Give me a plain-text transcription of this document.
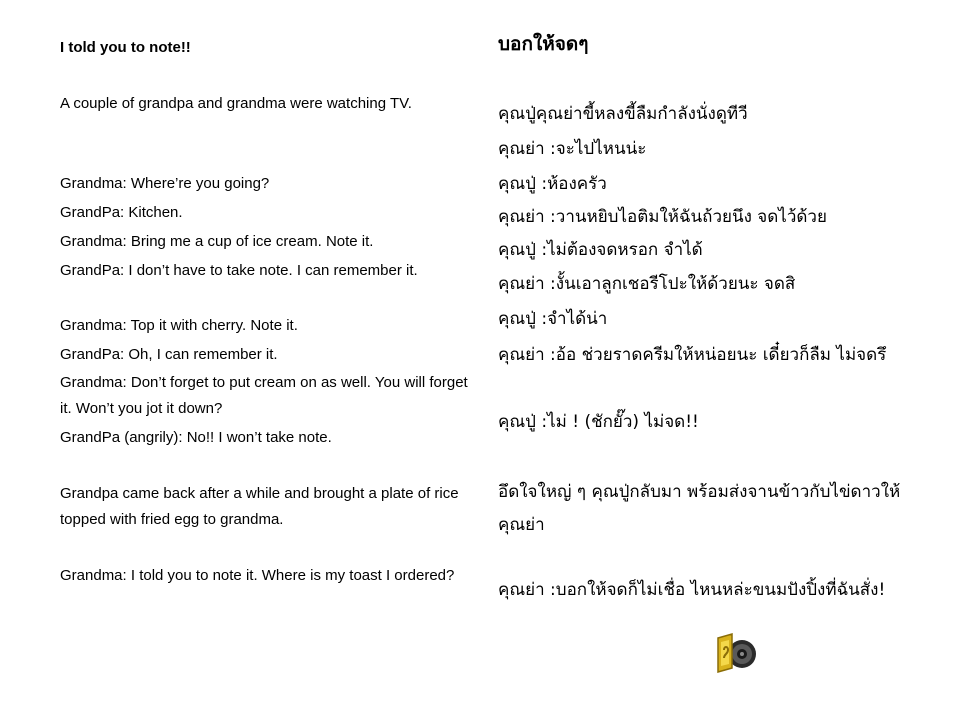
I told you to note!!
A couple of grandpa and grandma were watching TV.
Grandma: Where’re you going?
GrandPa: Kitchen.
Grandma: Bring me a cup of ice cream. Note it.
GrandPa: I don’t have to take note. I can remember it.
Grandma: Top it with cherry. Note it.
GrandPa: Oh, I can remember it.
Grandma: Don’t forget to put cream on as well. You will forget it. Won’t you jot it down?
GrandPa (angrily): No!! I won’t take note.
Grandpa came back after a while and brought a plate of rice topped with fried egg to grandma.
Grandma: I told you to note it. Where is my toast I ordered?
บอกให้จดๆ
คุณปู่คุณย่าขี้หลงขี้ลืมกำลังนั่งดูทีวี
คุณย่า :จะไปไหนน่ะ
คุณปู่ :ห้องครัว
คุณย่า :วานหยิบไอติมให้ฉันถ้วยนึง จดไว้ด้วย
คุณปู่ :ไม่ต้องจดหรอก จำได้
คุณย่า :งั้นเอาลูกเชอรีโปะให้ด้วยนะ จดสิ
คุณปู่ :จำได้น่า
คุณย่า :อ้อ ช่วยราดครีมให้หน่อยนะ เดี๋ยวก็ลืม ไม่จดรึ
คุณปู่ :ไม่ ! (ชักยั๊ว) ไม่จด!!
อึดใจใหญ่ ๆ คุณปู่กลับมา พร้อมส่งจานข้าวกับไข่ดาวให้คุณย่า
คุณย่า :บอกให้จดก็ไม่เชื่อ ไหนหล่ะขนมปังปิ้งที่ฉันสั่ง!
